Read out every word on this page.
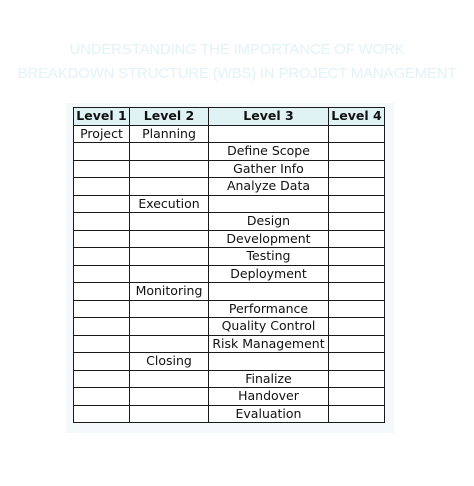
UNDERSTANDING THE IMPORTANCE OF WORK
BREAKDOWN STRUCTURE (WBS) IN PROJECT MANAGEMENT
Level 1	Level 2	Level 3	Level 4
Project	Planning		
		Define Scope	
		Gather Info	
		Analyze Data	
	Execution		
		Design	
		Development	
		Testing	
		Deployment	
	Monitoring		
		Performance	
		Quality Control	
		Risk Management	
	Closing		
		Finalize	
		Handover	
		Evaluation	
